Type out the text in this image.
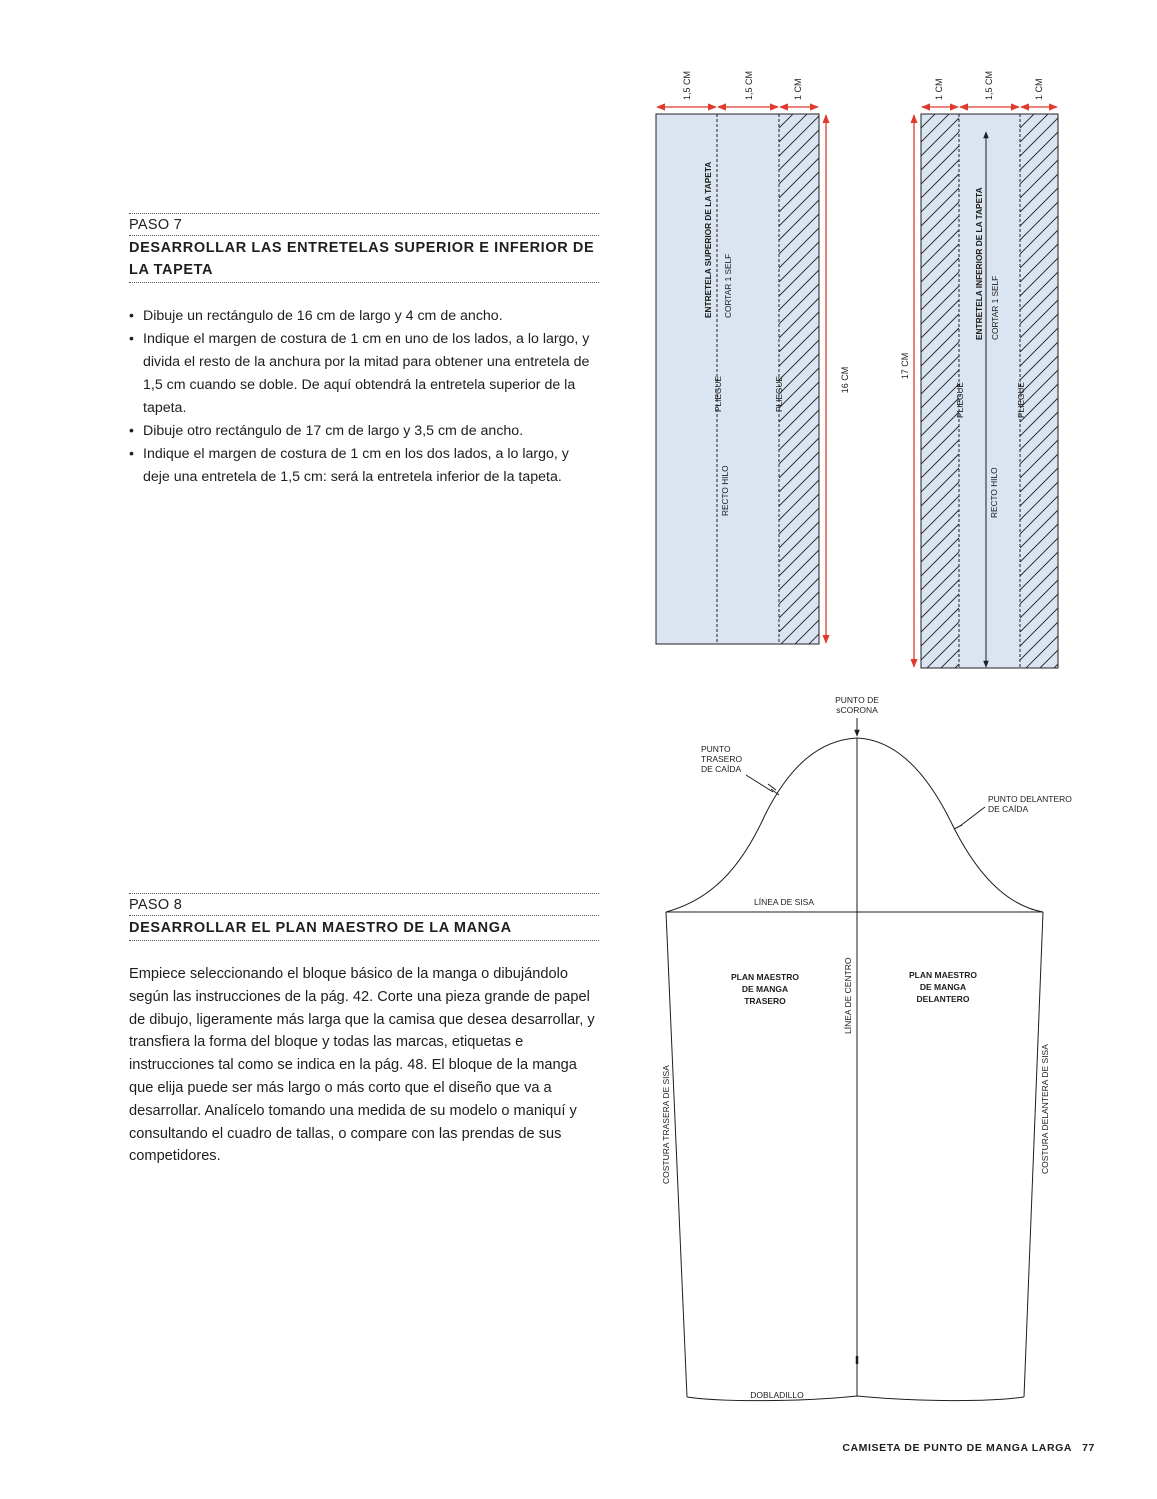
PASO 7
DESARROLLAR LAS ENTRETELAS SUPERIOR E INFERIOR DE LA TAPETA
• Dibuje un rectángulo de 16 cm de largo y 4 cm de ancho.
• Indique el margen de costura de 1 cm en uno de los lados, a lo largo, y divida el resto de la anchura por la mitad para obtener una entretela de 1,5 cm cuando se doble. De aquí obtendrá la entretela superior de la tapeta.
• Dibuje otro rectángulo de 17 cm de largo y 3,5 cm de ancho.
• Indique el margen de costura de 1 cm en los dos lados, a lo largo, y deje una entretela de 1,5 cm: será la entretela inferior de la tapeta.
PASO 8
DESARROLLAR EL PLAN MAESTRO DE LA MANGA

Empiece seleccionando el bloque básico de la manga o dibujándolo según las instrucciones de la pág. 42. Corte una pieza grande de papel de dibujo, ligeramente más larga que la camisa que desea desarrollar, y transfiera la forma del bloque y todas las marcas, etiquetas e instrucciones tal como se indica en la pág. 48. El bloque de la manga que elija puede ser más largo o más corto que el diseño que va a desarrollar. Analícelo tomando una medida de su modelo o maniquí y consultando el cuadro de tallas, o compare con las prendas de sus competidores.

1,5 CM	1,5 CM	1 CM
16 CM
ENTRETELA SUPERIOR DE LA TAPETA CORTAR 1 SELF
PLIEGUE	PLIEGUE
RECTO HILO
1 CM	1,5 CM	1 CM
17 CM
ENTRETELA INFERIOR DE LA TAPETA CORTAR 1 SELF
PLIEGUE	PLIEGUE
RECTO HILO
PUNTO DE
sCORONA
PUNTO
TRASERO
DE CAÍDA
PUNTO DELANTERO
DE CAÍDA
LÍNEA DE SISA
LÍNEA DE CENTRO
PLAN MAESTRO
DE MANGA
TRASERO
PLAN MAESTRO
DE MANGA
DELANTERO
COSTURA TRASERA DE SISA	COSTURA DELANTERA DE SISA
DOBLADILLO
CAMISETA DE PUNTO DE MANGA LARGA 77
